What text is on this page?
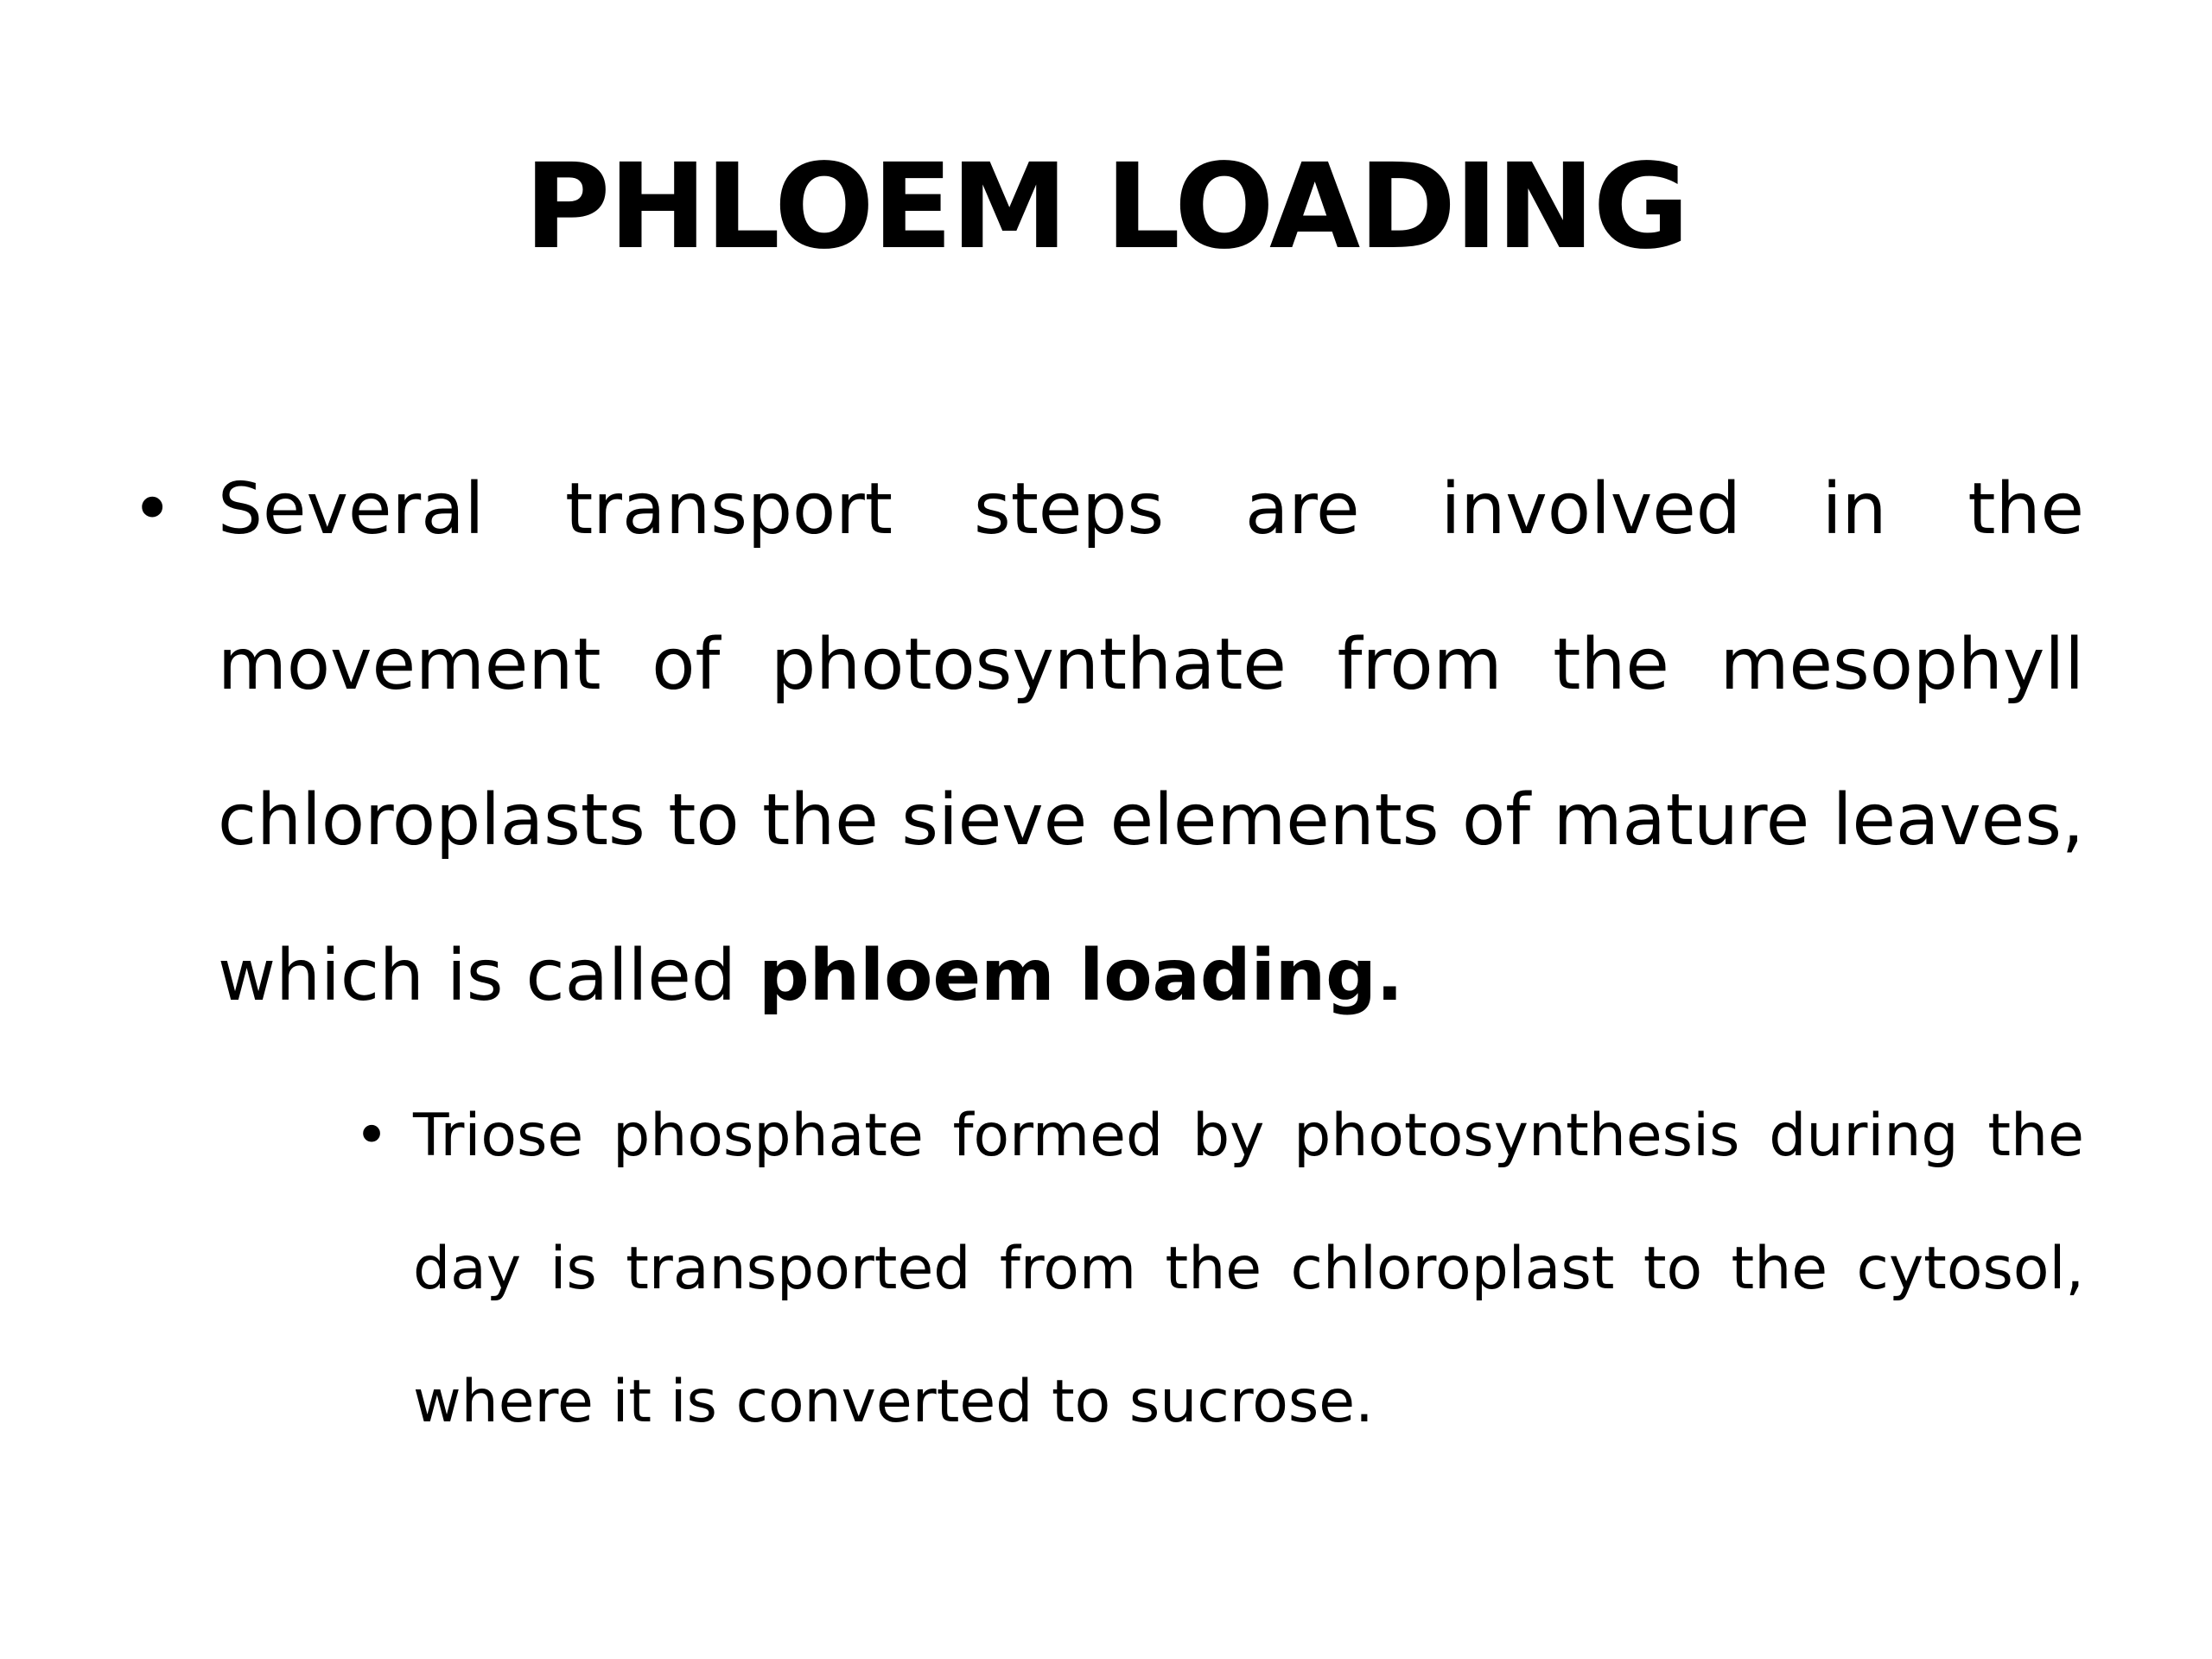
PHLOEM LOADING
• Several transport steps are involved in the movement of photosynthate from the mesophyll chloroplasts to the sieve elements of mature leaves, which is called phloem loading.

• Triose phosphate formed by photosynthesis during the day is transported from the chloroplast to the cytosol, where it is converted to sucrose.
